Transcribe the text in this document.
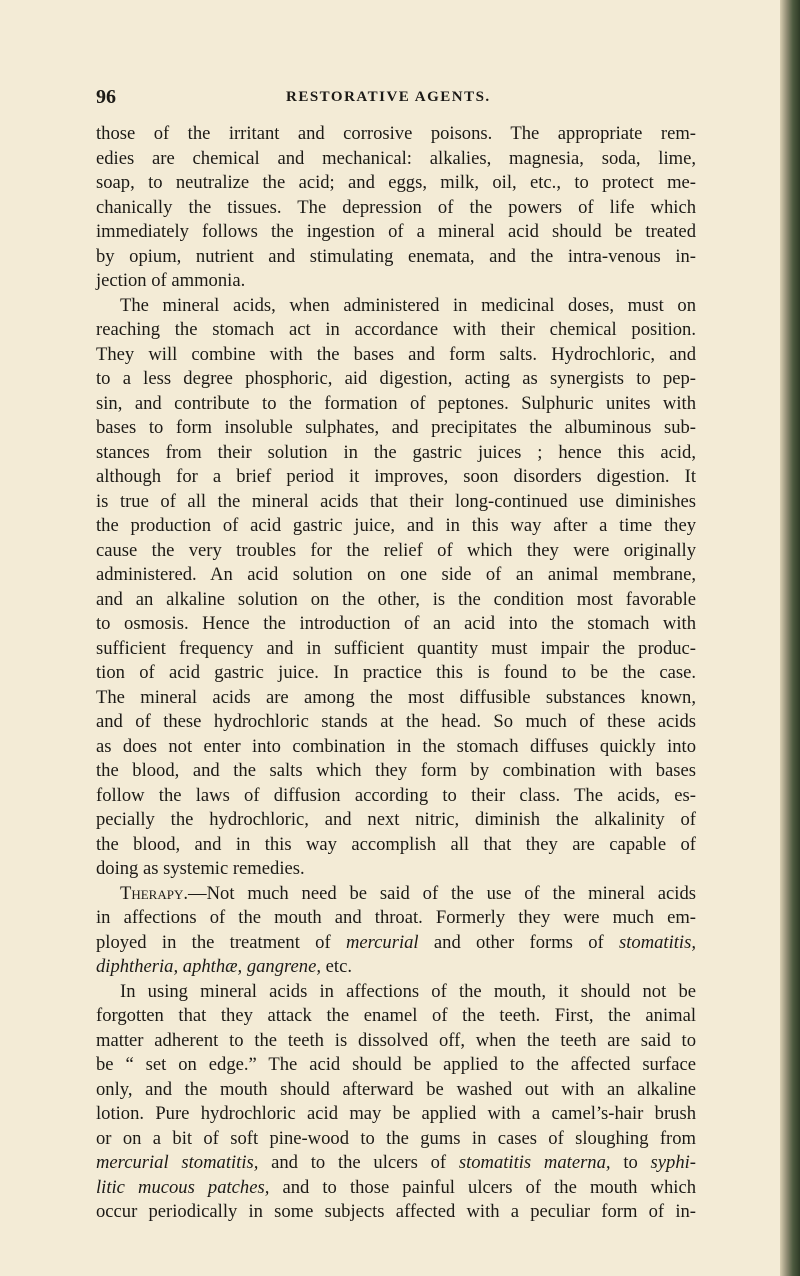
96	RESTORATIVE AGENTS.
those of the irritant and corrosive poisons. The appropriate rem-
edies are chemical and mechanical: alkalies, magnesia, soda, lime,
soap, to neutralize the acid; and eggs, milk, oil, etc., to protect me-
chanically the tissues. The depression of the powers of life which
immediately follows the ingestion of a mineral acid should be treated
by opium, nutrient and stimulating enemata, and the intra-venous in-
jection of ammonia.
The mineral acids, when administered in medicinal doses, must on
reaching the stomach act in accordance with their chemical position.
They will combine with the bases and form salts. Hydrochloric, and
to a less degree phosphoric, aid digestion, acting as synergists to pep-
sin, and contribute to the formation of peptones. Sulphuric unites with
bases to form insoluble sulphates, and precipitates the albuminous sub-
stances from their solution in the gastric juices ; hence this acid,
although for a brief period it improves, soon disorders digestion. It
is true of all the mineral acids that their long-continued use diminishes
the production of acid gastric juice, and in this way after a time they
cause the very troubles for the relief of which they were originally
administered. An acid solution on one side of an animal membrane,
and an alkaline solution on the other, is the condition most favorable
to osmosis. Hence the introduction of an acid into the stomach with
sufficient frequency and in sufficient quantity must impair the produc-
tion of acid gastric juice. In practice this is found to be the case.
The mineral acids are among the most diffusible substances known,
and of these hydrochloric stands at the head. So much of these acids
as does not enter into combination in the stomach diffuses quickly into
the blood, and the salts which they form by combination with bases
follow the laws of diffusion according to their class. The acids, es-
pecially the hydrochloric, and next nitric, diminish the alkalinity of
the blood, and in this way accomplish all that they are capable of
doing as systemic remedies.
Therapy.—Not much need be said of the use of the mineral acids
in affections of the mouth and throat. Formerly they were much em-
ployed in the treatment of mercurial and other forms of stomatitis,
diphtheria, aphthæ, gangrene, etc.
In using mineral acids in affections of the mouth, it should not be
forgotten that they attack the enamel of the teeth. First, the animal
matter adherent to the teeth is dissolved off, when the teeth are said to
be “ set on edge.” The acid should be applied to the affected surface
only, and the mouth should afterward be washed out with an alkaline
lotion. Pure hydrochloric acid may be applied with a camel’s-hair brush
or on a bit of soft pine-wood to the gums in cases of sloughing from
mercurial stomatitis, and to the ulcers of stomatitis materna, to syphi-
litic mucous patches, and to those painful ulcers of the mouth which
occur periodically in some subjects affected with a peculiar form of in-
